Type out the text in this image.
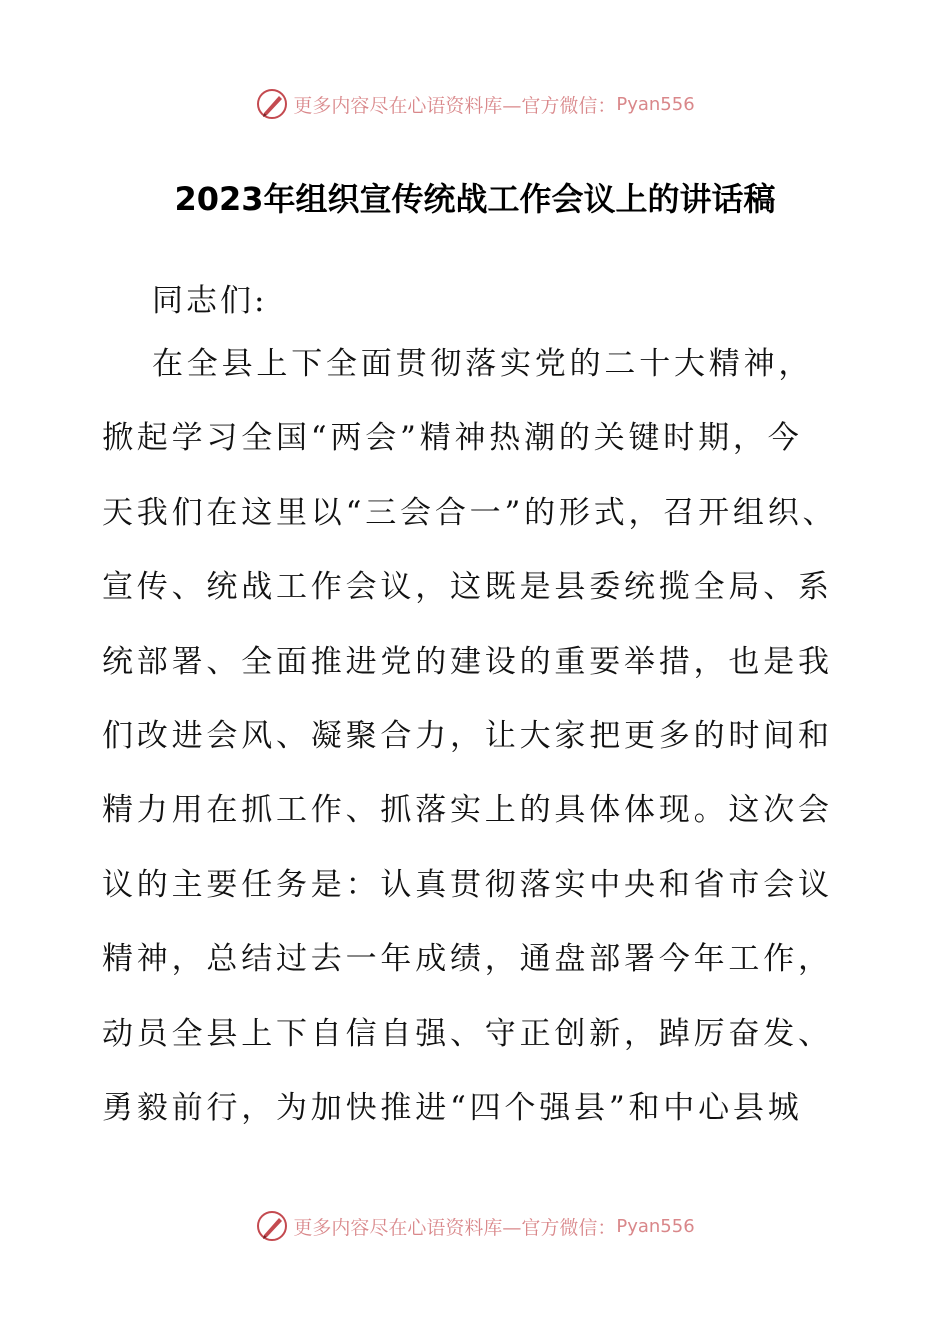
更多内容尽在心语资料库—官方微信： Pyan556
2023年组织宣传统战工作会议上的讲话稿
同志们:
在全县上下全面贯彻落实党的二十大精神，
掀起学习全国“两会”精神热潮的关键时期，今
天我们在这里以“三会合一”的形式，召开组织、
宣传、统战工作会议，这既是县委统揽全局、系
统部署、全面推进党的建设的重要举措，也是我
们改进会风、凝聚合力，让大家把更多的时间和
精力用在抓工作、抓落实上的具体体现。这次会
议的主要任务是：认真贯彻落实中央和省市会议
精神，总结过去一年成绩，通盘部署今年工作，
动员全县上下自信自强、守正创新，踔厉奋发、
勇毅前行，为加快推进“四个强县”和中心县城
更多内容尽在心语资料库—官方微信： Pyan556
